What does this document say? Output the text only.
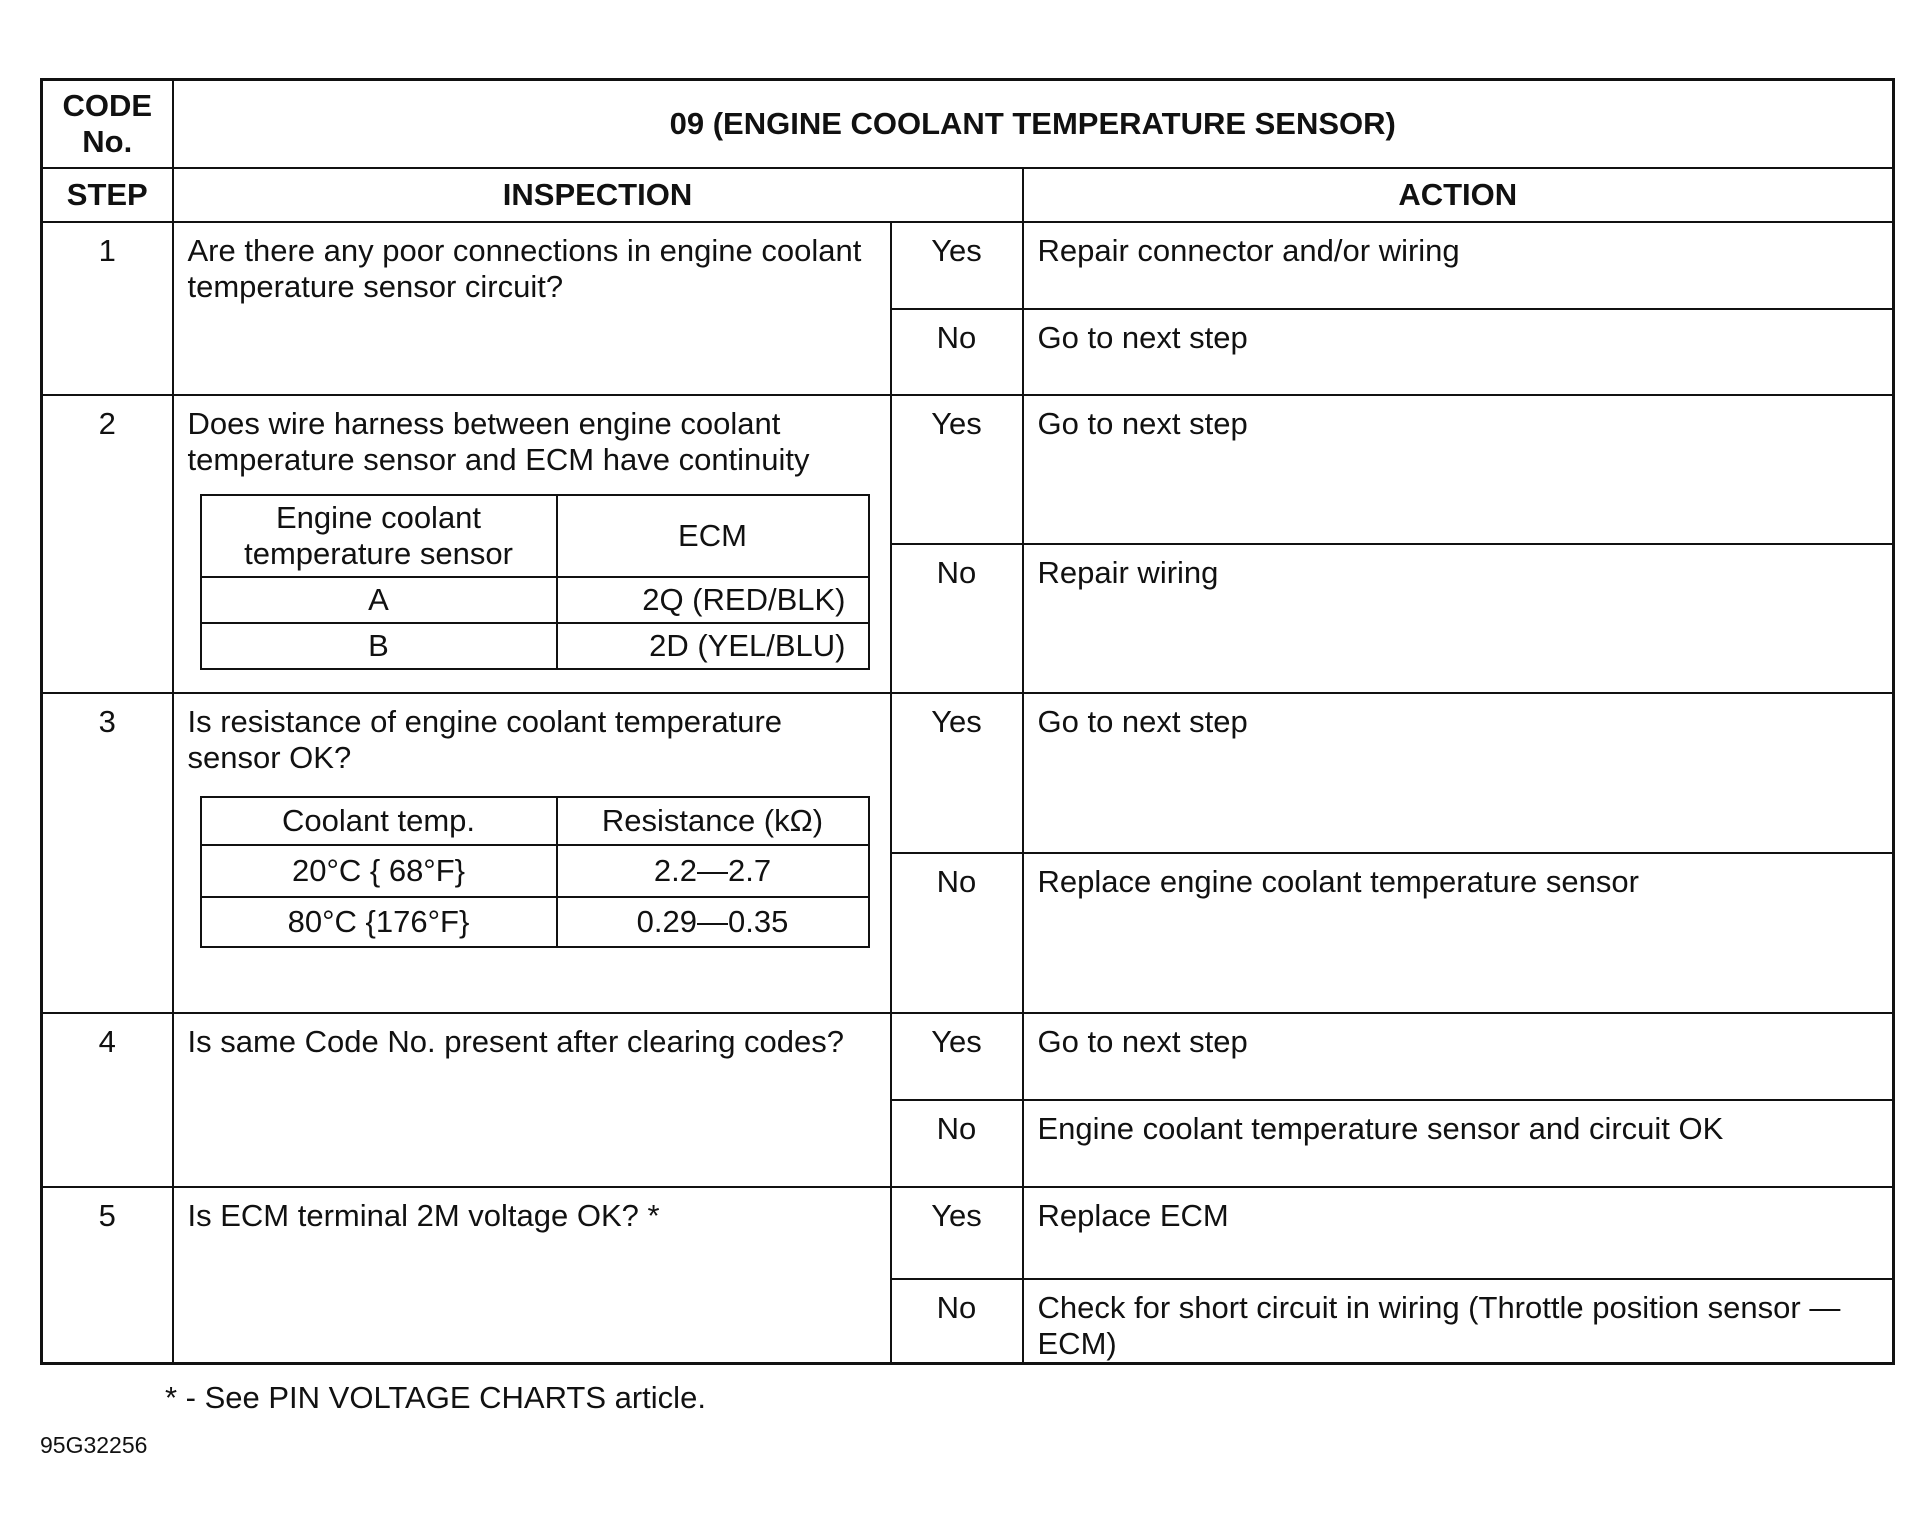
CODE No.	09 (ENGINE COOLANT TEMPERATURE SENSOR)
STEP	INSPECTION	ACTION
1	Are there any poor connections in engine coolant temperature sensor circuit?	Yes	Repair connector and/or wiring
No	Go to next step
2	Does wire harness between engine coolant temperature sensor and ECM have continuity
Engine coolant temperature sensor	ECM
A	2Q (RED/BLK)
B	2D (YEL/BLU)
	Yes	Go to next step
No	Repair wiring
3	Is resistance of engine coolant temperature sensor OK?
Coolant temp.	Resistance (kΩ)
20°C { 68°F}	2.2—2.7
80°C {176°F}	0.29—0.35
	Yes	Go to next step
No	Replace engine coolant temperature sensor
4	Is same Code No. present after clearing codes?	Yes	Go to next step
No	Engine coolant temperature sensor and circuit OK
5	Is ECM terminal 2M voltage OK? *	Yes	Replace ECM
No	Check for short circuit in wiring (Throttle position sensor — ECM)
* - See PIN VOLTAGE CHARTS article.
95G32256
